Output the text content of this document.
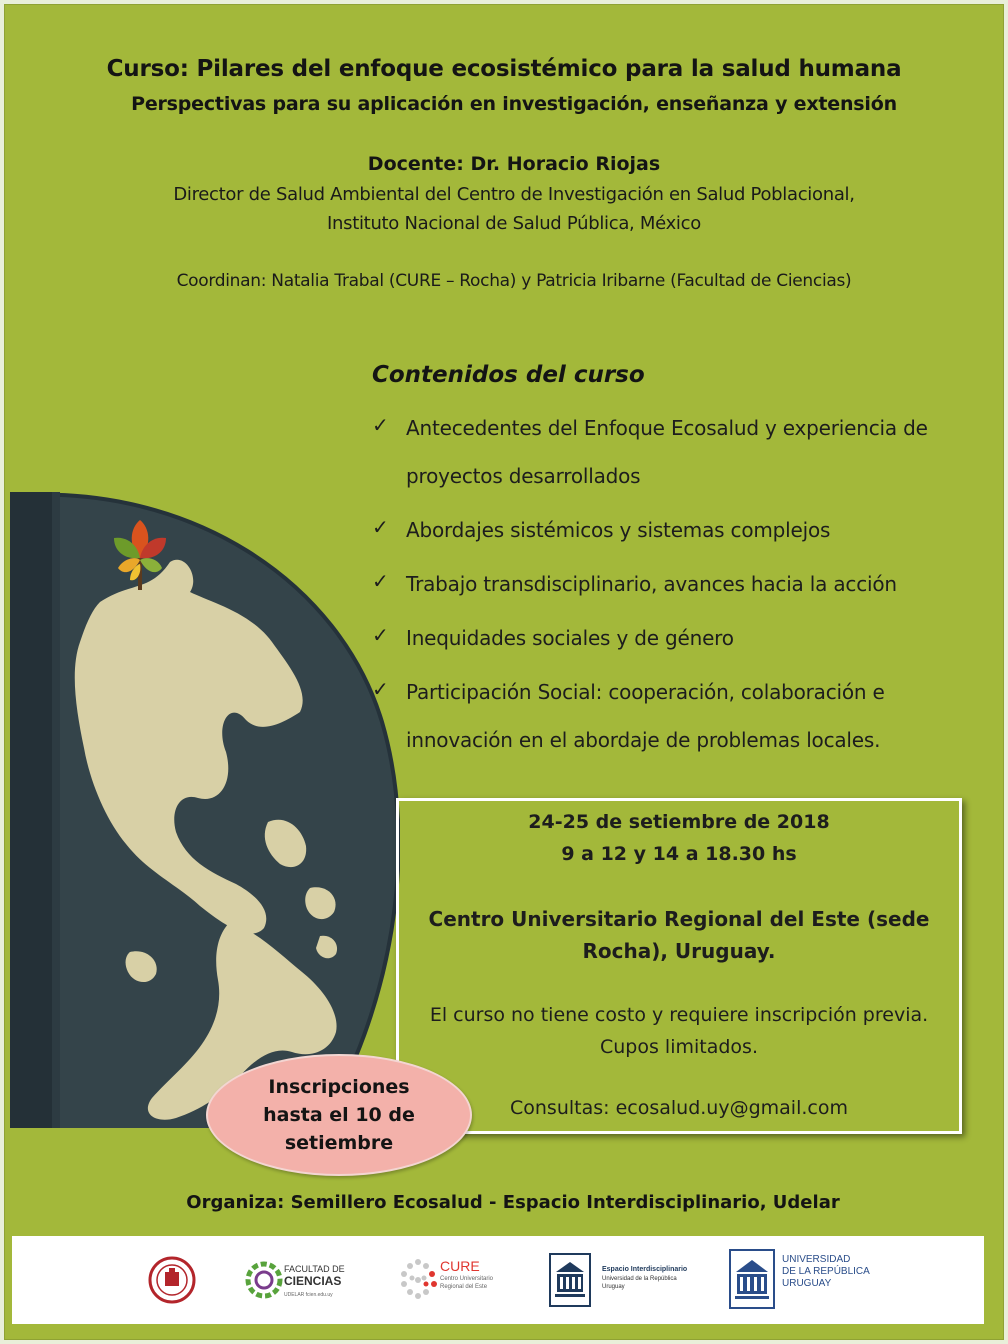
Curso: Pilares del enfoque ecosistémico para la salud humana
Perspectivas para su aplicación en investigación, enseñanza y extensión
Docente: Dr. Horacio Riojas
Director de Salud Ambiental del Centro de Investigación en Salud Poblacional,
Instituto Nacional de Salud Pública, México
Coordinan: Natalia Trabal (CURE – Rocha) y Patricia Iribarne (Facultad de Ciencias)
Contenidos del curso
✓ Antecedentes del Enfoque Ecosalud y experiencia de proyectos desarrollados
✓ Abordajes sistémicos y sistemas complejos
✓ Trabajo transdisciplinario, avances hacia la acción
✓ Inequidades sociales y de género
✓ Participación Social: cooperación, colaboración e innovación en el abordaje de problemas locales.
24-25 de setiembre de 2018
9 a 12 y 14 a 18.30 hs
Centro Universitario Regional del Este (sede Rocha), Uruguay.
El curso no tiene costo y requiere inscripción previa. Cupos limitados.
Consultas: ecosalud.uy@gmail.com
Inscripciones hasta el 10 de setiembre
Organiza: Semillero Ecosalud - Espacio Interdisciplinario, Udelar
FACULTAD DE
CIENCIAS
UDELAR fcien.edu.uy
CURE
Centro Universitario
Regional del Este
Espacio Interdisciplinario
Universidad de la República
Uruguay
UNIVERSIDAD
DE LA REPÚBLICA
URUGUAY
